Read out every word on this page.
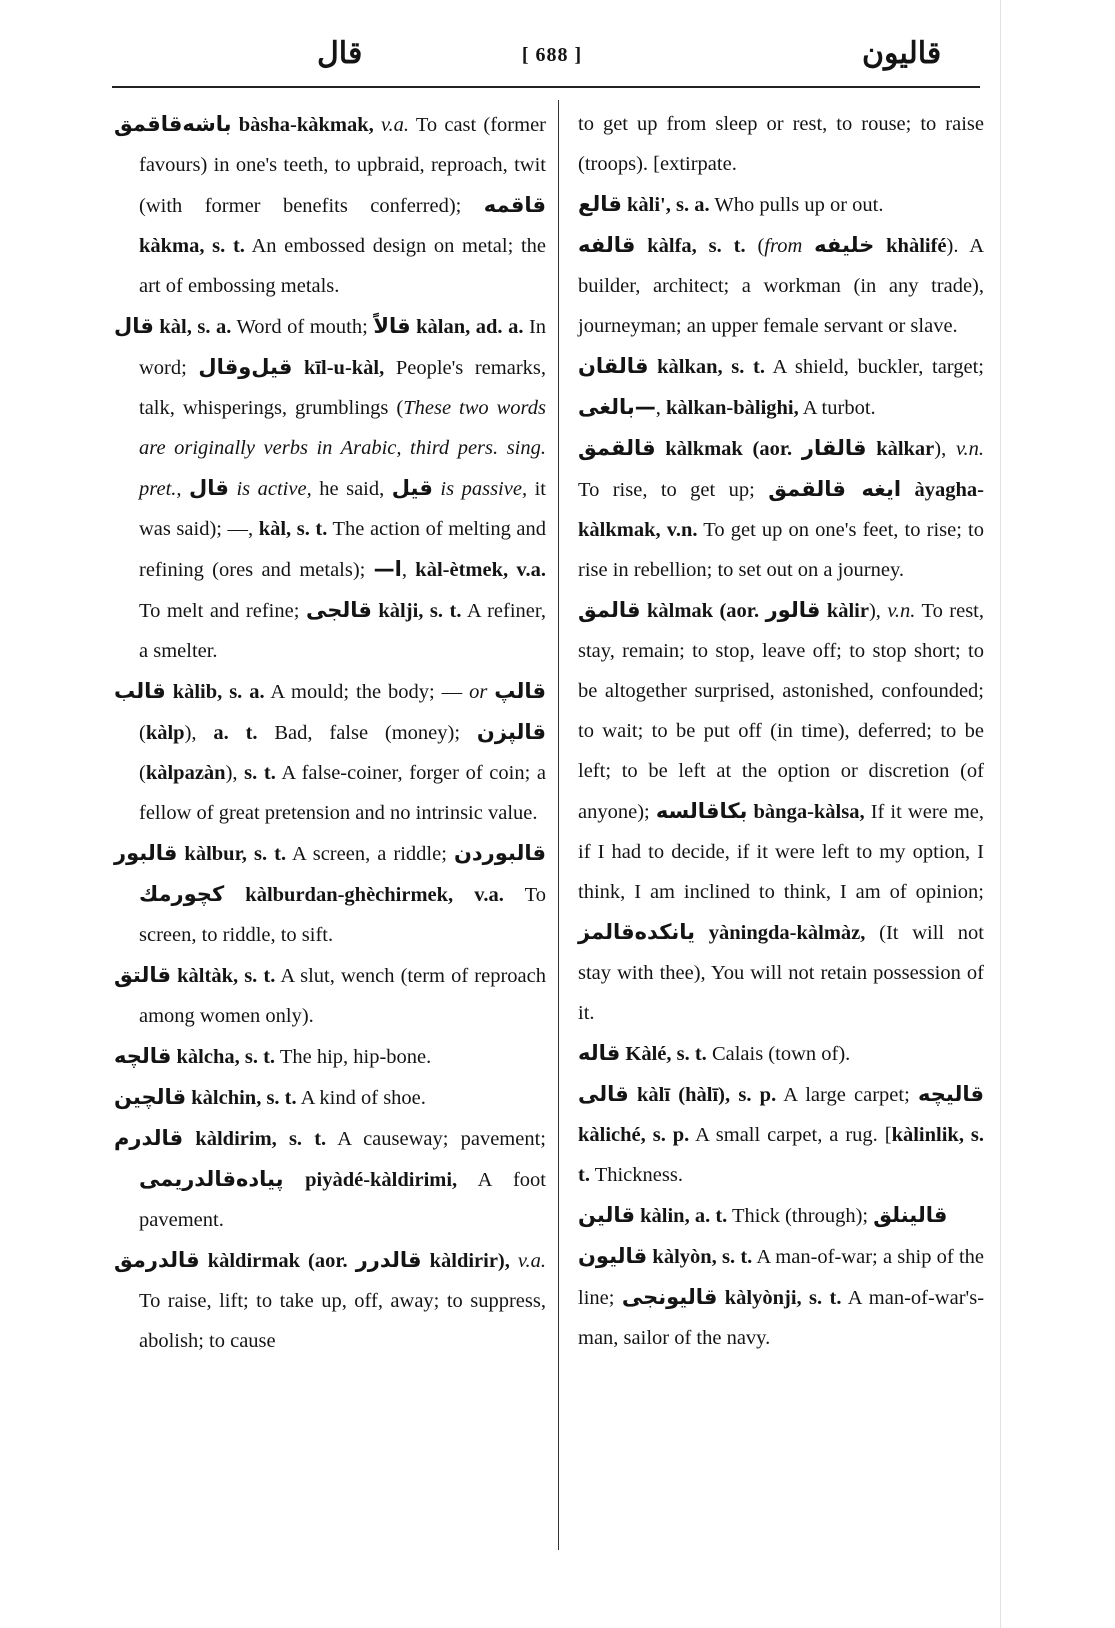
قال	[ 688 ]	قاليون

باشه‌قاقمق bàsha-kàkmak, v.a. To cast (former favours) in one's teeth, to upbraid, reproach, twit (with former benefits conferred); قاقمه kàkma, s. t. An embossed design on metal; the art of embossing metals.

قال kàl, s. a. Word of mouth; قالاً kàlan, ad. a. In word; قيل‌وقال kīl-u-kàl, People's remarks, talk, whisperings, grumblings (These two words are originally verbs in Arabic, third pers. sing. pret., قال is active, he said, قيل is passive, it was said); —, kàl, s. t. The action of melting and refining (ores and metals); ا—, kàl-ètmek, v.a. To melt and refine; قالجى kàlji, s. t. A refiner, a smelter.

قالب kàlib, s. a. A mould; the body; — or قالپ (kàlp), a. t. Bad, false (money); قالپزن (kàlpazàn), s. t. A false-coiner, forger of coin; a fellow of great pretension and no intrinsic value.

قالبور kàlbur, s. t. A screen, a riddle; قالبوردن كچورمك kàlburdan-ghèchirmek, v.a. To screen, to riddle, to sift.

قالتق kàltàk, s. t. A slut, wench (term of reproach among women only).

قالچه kàlcha, s. t. The hip, hip-bone.

قالچين kàlchin, s. t. A kind of shoe.

قالدرم kàldirim, s. t. A causeway; pavement; پياده‌قالدريمى piyàdé-kàldirimi, A foot pavement.

قالدرمق kàldirmak (aor. قالدرر kàldirir), v.a. To raise, lift; to take up, off, away; to suppress, abolish; to cause

to get up from sleep or rest, to rouse; to raise (troops). [extirpate.

قالع kàli', s. a. Who pulls up or out.

قالفه kàlfa, s. t. (from خليفه khàlifé). A builder, architect; a workman (in any trade), journeyman; an upper female servant or slave.

قالقان kàlkan, s. t. A shield, buckler, target; —بالغى, kàlkan-bàlighi, A turbot.

قالقمق kàlkmak (aor. قالقار kàlkar), v.n. To rise, to get up; ايغه قالقمق àyagha-kàlkmak, v.n. To get up on one's feet, to rise; to rise in rebellion; to set out on a journey.

قالمق kàlmak (aor. قالور kàlir), v.n. To rest, stay, remain; to stop, leave off; to stop short; to be altogether surprised, astonished, confounded; to wait; to be put off (in time), deferred; to be left; to be left at the option or discretion (of anyone); بكاقالسه bànga-kàlsa, If it were me, if I had to decide, if it were left to my option, I think, I am inclined to think, I am of opinion; يانكده‌قالمز yàningda-kàlmàz, (It will not stay with thee), You will not retain possession of it.

قاله Kàlé, s. t. Calais (town of).

قالى kàlī (hàlī), s. p. A large carpet; قاليچه kàliché, s. p. A small carpet, a rug. [kàlinlik, s. t. Thickness.

قالين kàlin, a. t. Thick (through); قالينلق

قاليون kàlyòn, s. t. A man-of-war; a ship of the line; قاليونجى kàlyònji, s. t. A man-of-war's-man, sailor of the navy.
